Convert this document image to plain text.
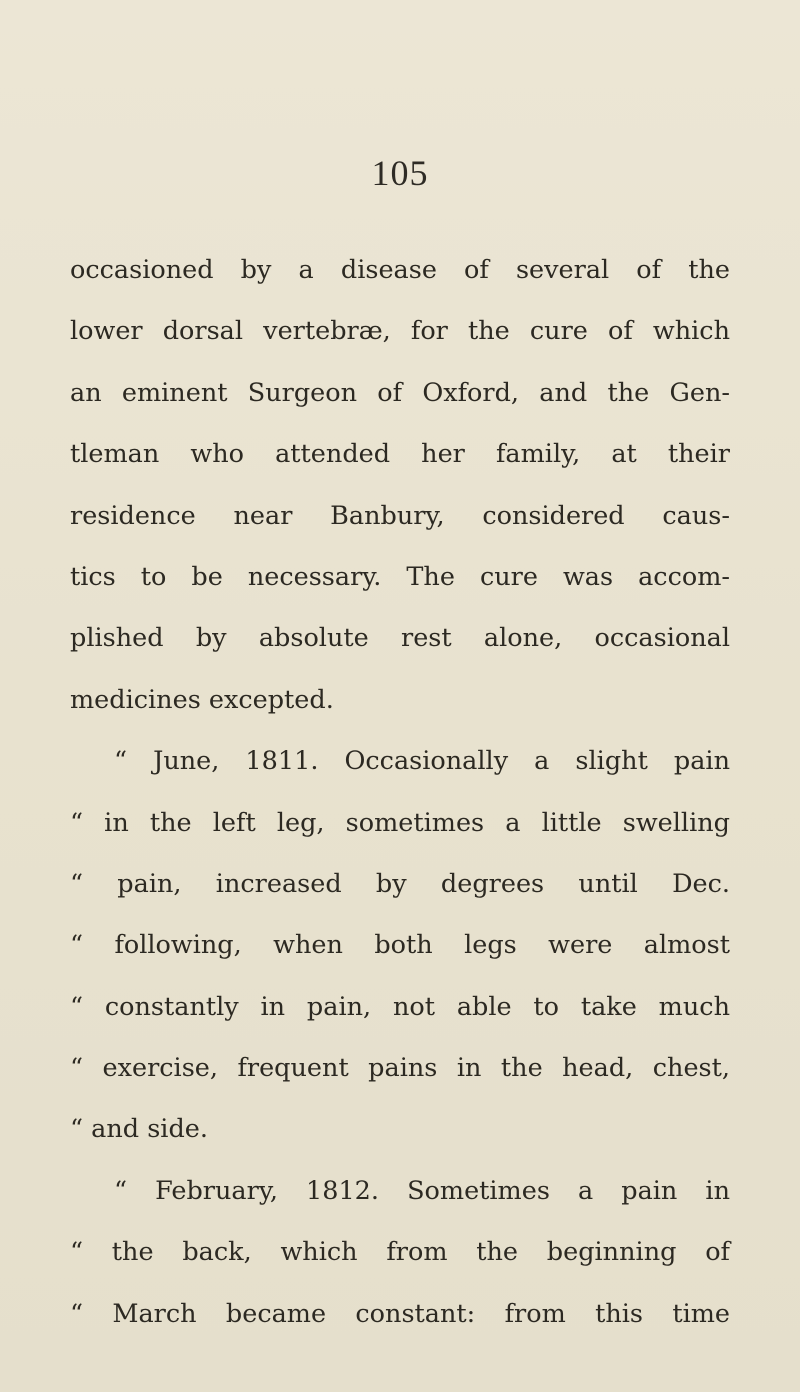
105
occasioned by a disease of several of the
lower dorsal vertebræ, for the cure of which
an eminent Surgeon of Oxford, and the Gen-
tleman who attended her family, at their
residence near Banbury, considered caus-
tics to be necessary. The cure was accom-
plished by absolute rest alone, occasional
medicines excepted.
“ June, 1811. Occasionally a slight pain
“ in the left leg, sometimes a little swelling
“ pain, increased by degrees until Dec.
“ following, when both legs were almost
“ constantly in pain, not able to take much
“ exercise, frequent pains in the head, chest,
“ and side.
“ February, 1812. Sometimes a pain in
“ the back, which from the beginning of
“ March became constant: from this time
